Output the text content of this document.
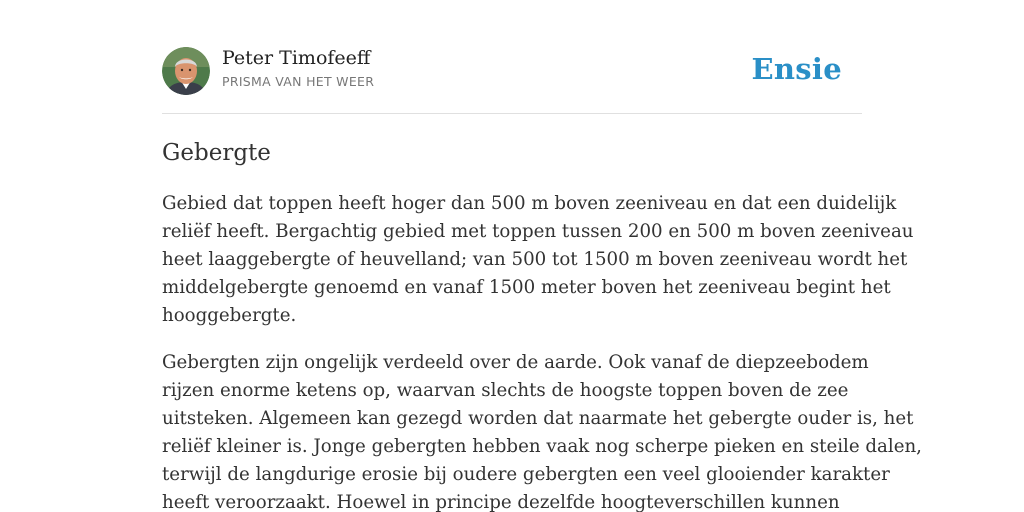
Peter Timofeeff
PRISMA VAN HET WEER	Ensie
Gebergte

Gebied dat toppen heeft hoger dan 500 m boven zeeniveau en dat een duidelijk
reliëf heeft. Bergachtig gebied met toppen tussen 200 en 500 m boven zeeniveau
heet laaggebergte of heuvelland; van 500 tot 1500 m boven zeeniveau wordt het
middelgebergte genoemd en vanaf 1500 meter boven het zeeniveau begint het
hooggebergte.

Gebergten zijn ongelijk verdeeld over de aarde. Ook vanaf de diepzeebodem
rijzen enorme ketens op, waarvan slechts de hoogste toppen boven de zee
uitsteken. Algemeen kan gezegd worden dat naarmate het gebergte ouder is, het
reliëf kleiner is. Jonge gebergten hebben vaak nog scherpe pieken en steile dalen,
terwijl de langdurige erosie bij oudere gebergten een veel glooiender karakter
heeft veroorzaakt. Hoewel in principe dezelfde hoogteverschillen kunnen
